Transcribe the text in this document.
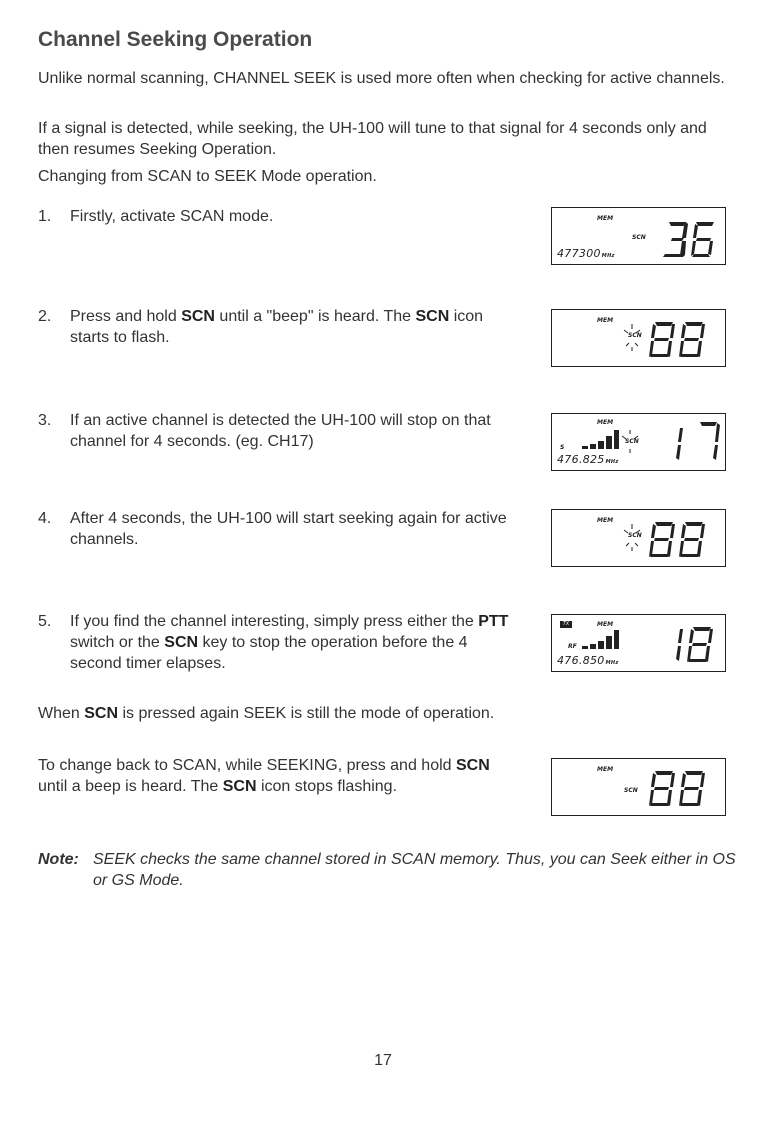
Channel Seeking Operation

Unlike normal scanning, CHANNEL SEEK is used more often when checking for active channels.

If a signal is detected, while seeking, the UH-100 will tune to that signal for 4 seconds only and then resumes Seeking Operation.

Changing from SCAN to SEEK Mode operation.

1. Firstly, activate SCAN mode.
2. Press and hold SCN until a "beep" is heard. The SCN icon starts to flash.
3. If an active channel is detected the UH-100 will stop on that channel for 4 seconds. (eg. CH17)
4. After 4 seconds, the UH-100 will start seeking again for active channels.
5. If you find the channel interesting, simply press either the PTT switch or the SCN key to stop the operation before the 4 second timer elapses.

When SCN is pressed again SEEK is still the mode of operation.

To change back to SCAN, while SEEKING, press and hold SCN until a beep is heard. The SCN icon stops flashing.

MEM
SCN
477300MHz
MEM
SCN
MEM
S
SCN
476.825MHz
MEM
SCN
TX	MEM
RF
476.850MHz
MEM
SCN
Note: SEEK checks the same channel stored in SCAN memory. Thus, you can Seek either in OS or GS Mode.
17
